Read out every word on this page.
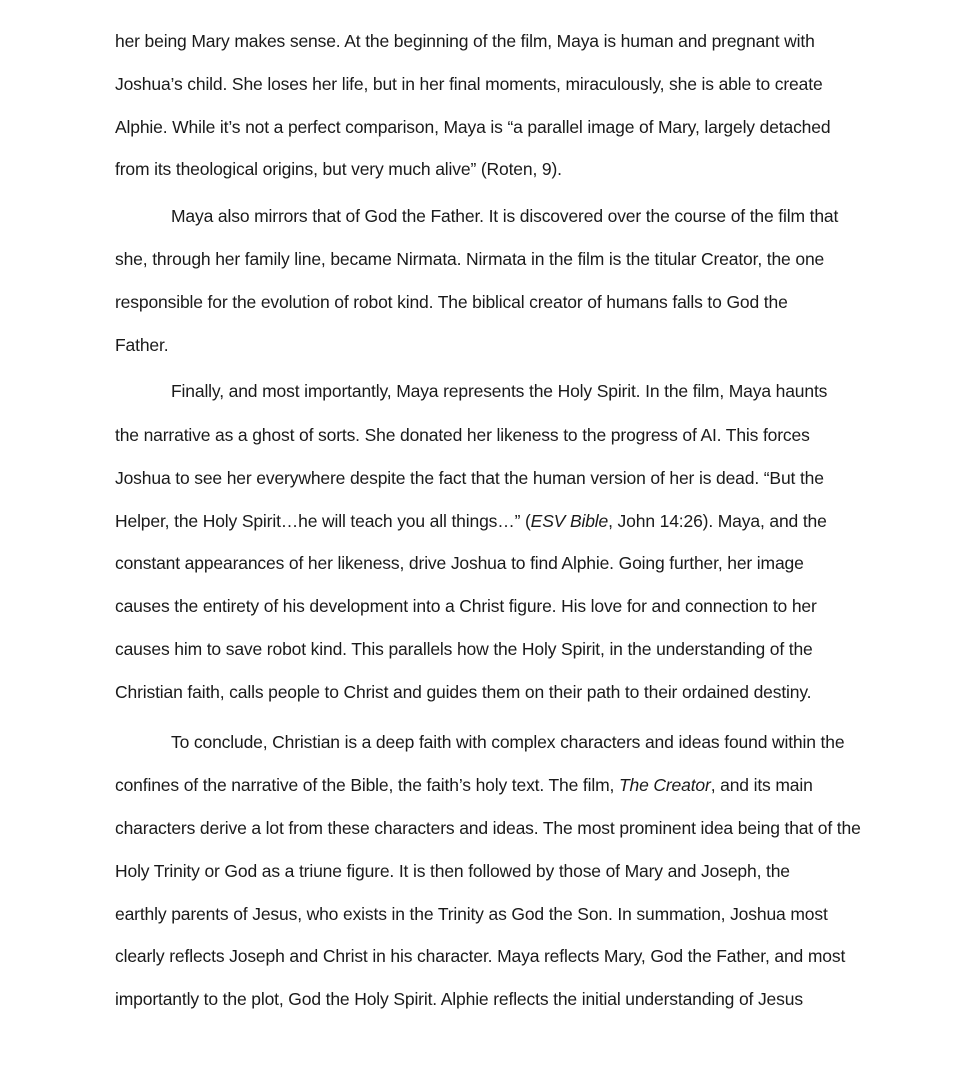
her being Mary makes sense. At the beginning of the film, Maya is human and pregnant with
Joshua’s child. She loses her life, but in her final moments, miraculously, she is able to create
Alphie. While it’s not a perfect comparison, Maya is “a parallel image of Mary, largely detached
from its theological origins, but very much alive” (Roten, 9).
Maya also mirrors that of God the Father. It is discovered over the course of the film that
she, through her family line, became Nirmata. Nirmata in the film is the titular Creator, the one
responsible for the evolution of robot kind. The biblical creator of humans falls to God the
Father.
Finally, and most importantly, Maya represents the Holy Spirit. In the film, Maya haunts
the narrative as a ghost of sorts. She donated her likeness to the progress of AI. This forces
Joshua to see her everywhere despite the fact that the human version of her is dead. “But the
Helper, the Holy Spirit…he will teach you all things…” (ESV Bible, John 14:26). Maya, and the
constant appearances of her likeness, drive Joshua to find Alphie. Going further, her image
causes the entirety of his development into a Christ figure. His love for and connection to her
causes him to save robot kind. This parallels how the Holy Spirit, in the understanding of the
Christian faith, calls people to Christ and guides them on their path to their ordained destiny.
To conclude, Christian is a deep faith with complex characters and ideas found within the
confines of the narrative of the Bible, the faith’s holy text. The film, The Creator, and its main
characters derive a lot from these characters and ideas. The most prominent idea being that of the
Holy Trinity or God as a triune figure. It is then followed by those of Mary and Joseph, the
earthly parents of Jesus, who exists in the Trinity as God the Son. In summation, Joshua most
clearly reflects Joseph and Christ in his character. Maya reflects Mary, God the Father, and most
importantly to the plot, God the Holy Spirit. Alphie reflects the initial understanding of Jesus
